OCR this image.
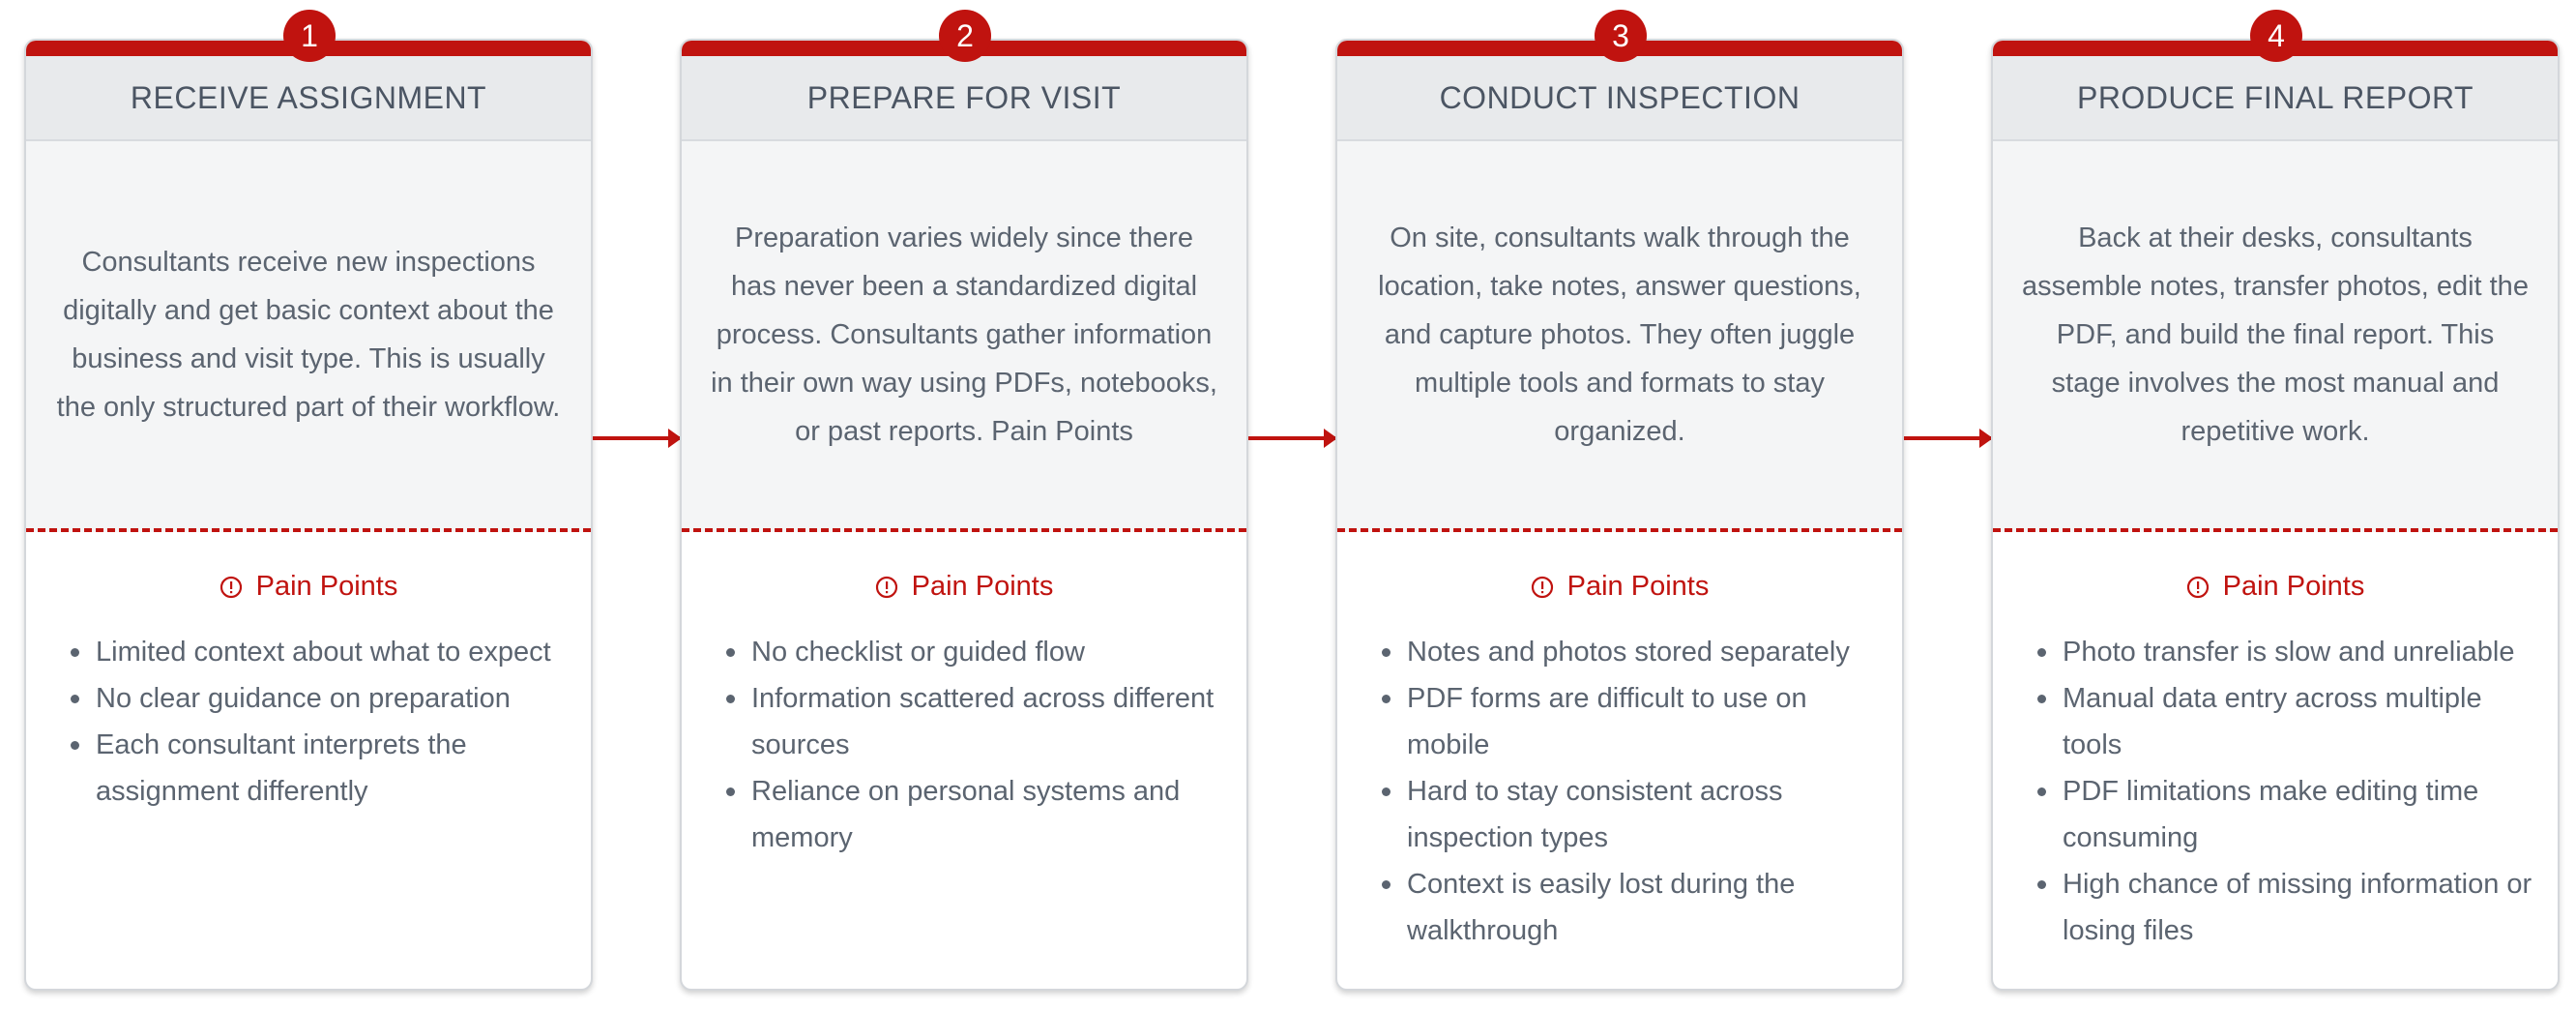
1
RECEIVE ASSIGNMENT

Consultants receive new inspections digitally and get basic context about the business and visit type. This is usually the only structured part of their workflow.

Pain Points
Limited context about what to expect
No clear guidance on preparation
Each consultant interprets the assignment differently
2
PREPARE FOR VISIT

Preparation varies widely since there has never been a standardized digital process. Consultants gather information in their own way using PDFs, notebooks, or past reports. Pain Points

Pain Points
No checklist or guided flow
Information scattered across different sources
Reliance on personal systems and memory
3
CONDUCT INSPECTION

On site, consultants walk through the location, take notes, answer questions, and capture photos. They often juggle multiple tools and formats to stay organized.

Pain Points
Notes and photos stored separately
PDF forms are difficult to use on mobile
Hard to stay consistent across inspection types
Context is easily lost during the walkthrough
4
PRODUCE FINAL REPORT

Back at their desks, consultants assemble notes, transfer photos, edit the PDF, and build the final report. This stage involves the most manual and repetitive work.

Pain Points
Photo transfer is slow and unreliable
Manual data entry across multiple tools
PDF limitations make editing time consuming
High chance of missing information or losing files
